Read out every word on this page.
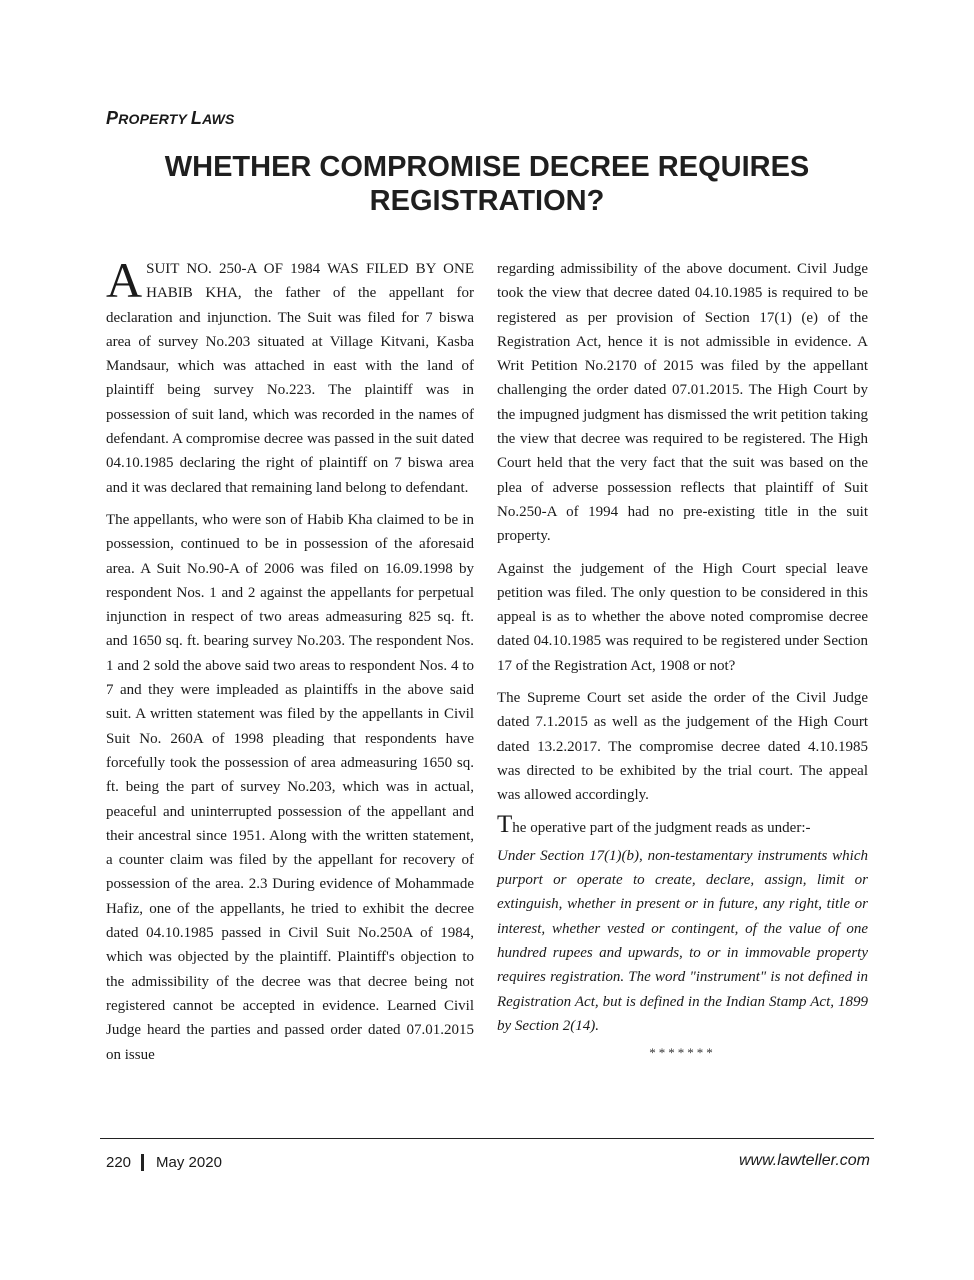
PROPERTY LAWS
WHETHER COMPROMISE DECREE REQUIRES
REGISTRATION?

ASUIT NO. 250-A OF 1984 WAS FILED BY ONE HABIB KHA, the father of the appellant for declaration and injunction. The Suit was filed for 7 biswa area of survey No.203 situated at Village Kitvani, Kasba Mandsaur, which was attached in east with the land of plaintiff being survey No.223. The plaintiff was in possession of suit land, which was recorded in the names of defendant. A compromise decree was passed in the suit dated 04.10.1985 declaring the right of plaintiff on 7 biswa area and it was declared that remaining land belong to defendant.

The appellants, who were son of Habib Kha claimed to be in possession, continued to be in possession of the aforesaid area. A Suit No.90-A of 2006 was filed on 16.09.1998 by respondent Nos. 1 and 2 against the appellants for perpetual injunction in respect of two areas admeasuring 825 sq. ft. and 1650 sq. ft. bearing survey No.203. The respondent Nos. 1 and 2 sold the above said two areas to respondent Nos. 4 to 7 and they were impleaded as plaintiffs in the above said suit. A written statement was filed by the appellants in Civil Suit No. 260A of 1998 pleading that respondents have forcefully took the possession of area admeasuring 1650 sq. ft. being the part of survey No.203, which was in actual, peaceful and uninterrupted possession of the appellant and their ancestral since 1951. Along with the written statement, a counter claim was filed by the appellant for recovery of possession of the area. 2.3 During evidence of Mohammade Hafiz, one of the appellants, he tried to exhibit the decree dated 04.10.1985 passed in Civil Suit No.250A of 1984, which was objected by the plaintiff. Plaintiff's objection to the admissibility of the decree was that decree being not registered cannot be accepted in evidence. Learned Civil Judge heard the parties and passed order dated 07.01.2015 on issue

regarding admissibility of the above document. Civil Judge took the view that decree dated 04.10.1985 is required to be registered as per provision of Section 17(1) (e) of the Registration Act, hence it is not admissible in evidence. A Writ Petition No.2170 of 2015 was filed by the appellant challenging the order dated 07.01.2015. The High Court by the impugned judgment has dismissed the writ petition taking the view that decree was required to be registered. The High Court held that the very fact that the suit was based on the plea of adverse possession reflects that plaintiff of Suit No.250-A of 1994 had no pre-existing title in the suit property.

Against the judgement of the High Court special leave petition was filed. The only question to be considered in this appeal is as to whether the above noted compromise decree dated 04.10.1985 was required to be registered under Section 17 of the Registration Act, 1908 or not?

The Supreme Court set aside the order of the Civil Judge dated 7.1.2015 as well as the judgement of the High Court dated 13.2.2017. The compromise decree dated 4.10.1985 was directed to be exhibited by the trial court. The appeal was allowed accordingly.

The operative part of the judgment reads as under:-

Under Section 17(1)(b), non-testamentary instruments which purport or operate to create, declare, assign, limit or extinguish, whether in present or in future, any right, title or interest, whether vested or contingent, of the value of one hundred rupees and upwards, to or in immovable property requires registration. The word "instrument" is not defined in Registration Act, but is defined in the Indian Stamp Act, 1899 by Section 2(14).

*******
220 May 2020	www.lawteller.com
